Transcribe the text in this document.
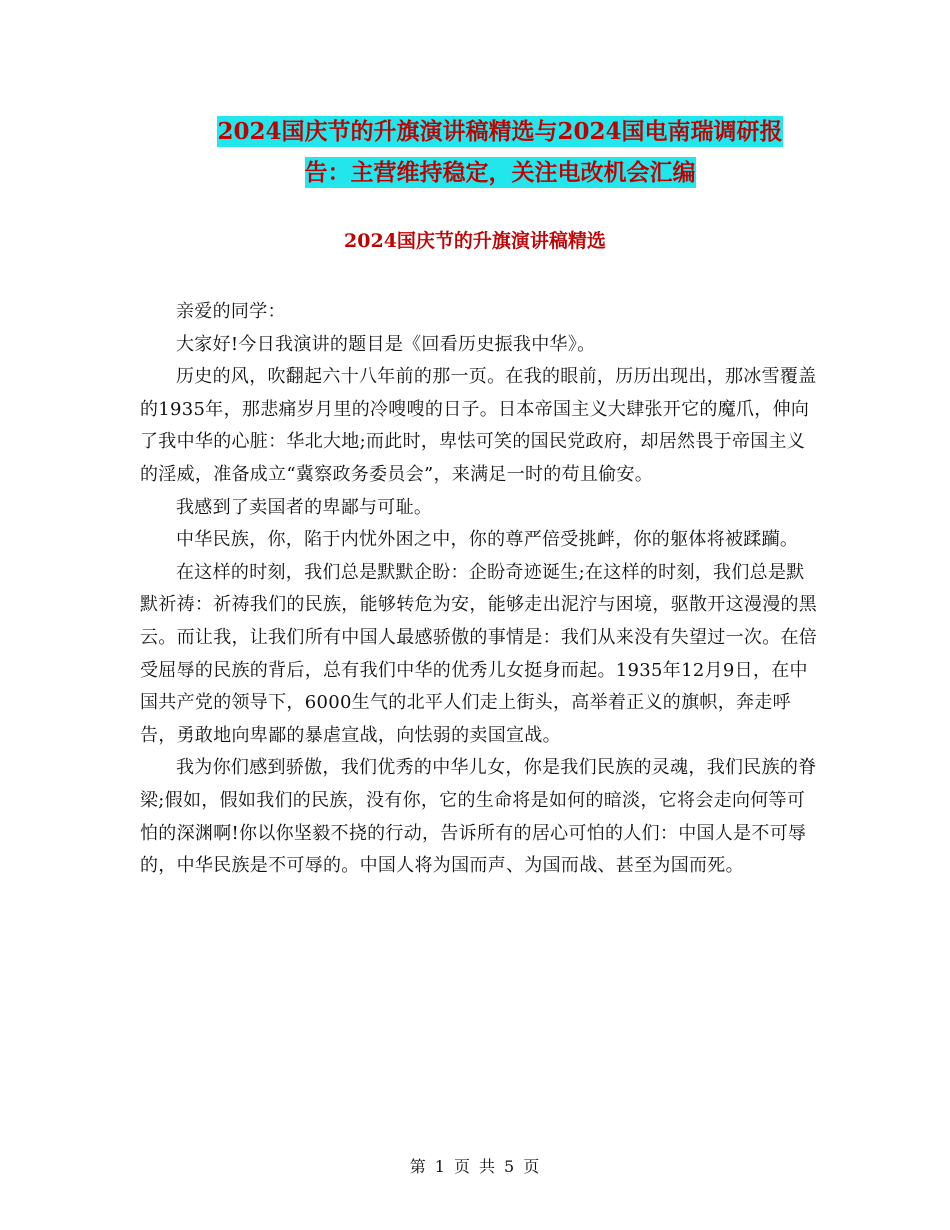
2024国庆节的升旗演讲稿精选与2024国电南瑞调研报
告：主营维持稳定，关注电改机会汇编
2024国庆节的升旗演讲稿精选

亲爱的同学：

大家好!今日我演讲的题目是《回看历史振我中华》。

历史的风，吹翻起六十八年前的那一页。在我的眼前，历历出现出，那冰雪覆盖的1935年，那悲痛岁月里的冷嗖嗖的日子。日本帝国主义大肆张开它的魔爪，伸向了我中华的心脏：华北大地;而此时，卑怯可笑的国民党政府，却居然畏于帝国主义的淫威，准备成立“冀察政务委员会”，来满足一时的苟且偷安。

我感到了卖国者的卑鄙与可耻。

中华民族，你，陷于内忧外困之中，你的尊严倍受挑衅，你的躯体将被蹂躏。

在这样的时刻，我们总是默默企盼：企盼奇迹诞生;在这样的时刻，我们总是默默祈祷：祈祷我们的民族，能够转危为安，能够走出泥泞与困境，驱散开这漫漫的黑云。而让我，让我们所有中国人最感骄傲的事情是：我们从来没有失望过一次。在倍受屈辱的民族的背后，总有我们中华的优秀儿女挺身而起。1935年12月9日，在中国共产党的领导下，6000生气的北平人们走上街头，高举着正义的旗帜，奔走呼告，勇敢地向卑鄙的暴虐宣战，向怯弱的卖国宣战。

我为你们感到骄傲，我们优秀的中华儿女，你是我们民族的灵魂，我们民族的脊梁;假如，假如我们的民族，没有你，它的生命将是如何的暗淡，它将会走向何等可怕的深渊啊!你以你坚毅不挠的行动，告诉所有的居心可怕的人们：中国人是不可辱的，中华民族是不可辱的。中国人将为国而声、为国而战、甚至为国而死。

第 1 页 共 5 页
